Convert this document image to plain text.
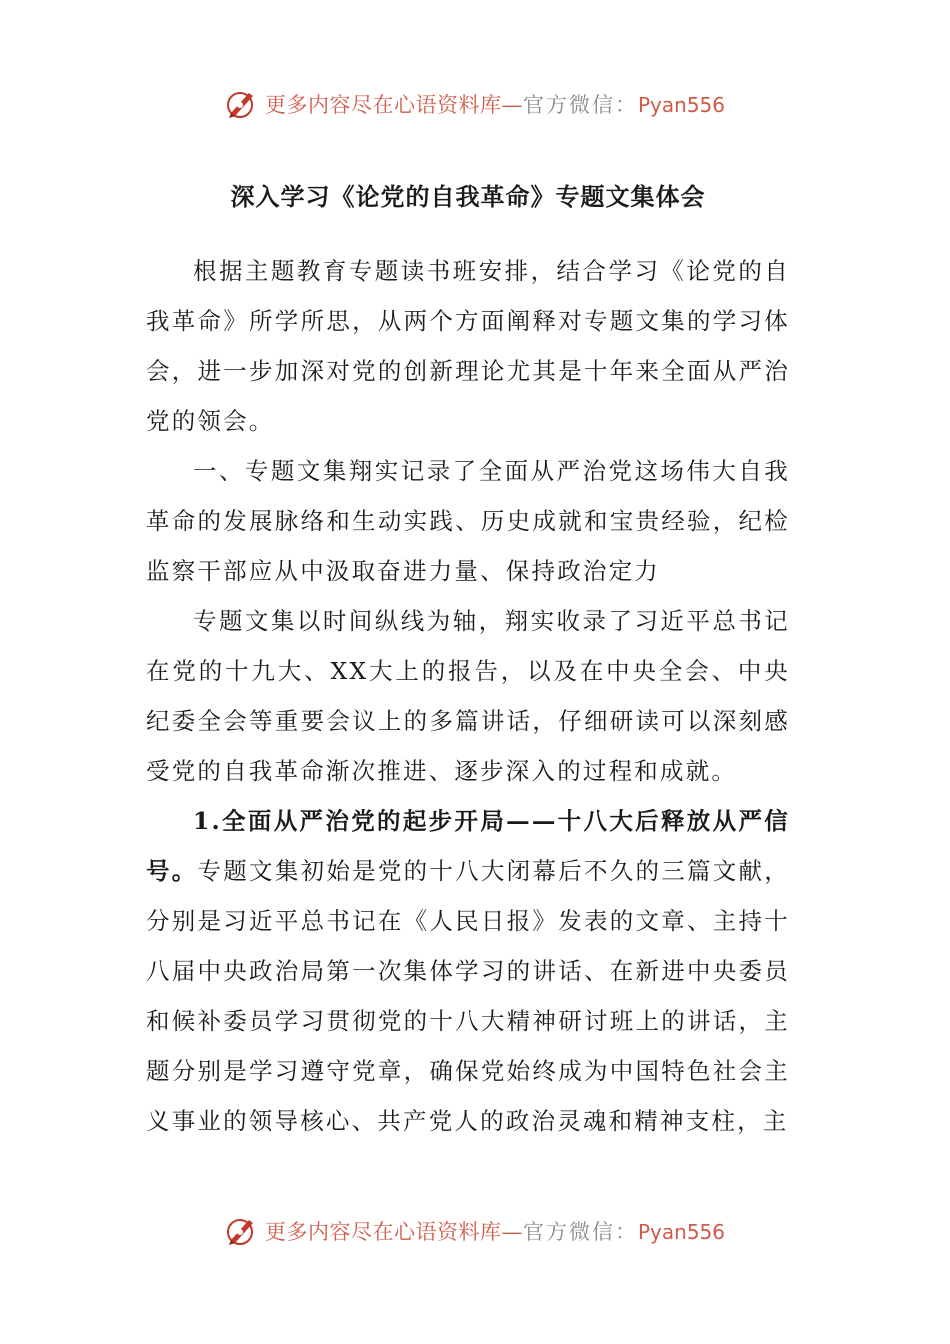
更多内容尽在心语资料库—官方微信：Pyan556
深入学习《论党的自我革命》专题文集体会

根据主题教育专题读书班安排，结合学习《论党的自我革命》所学所思，从两个方面阐释对专题文集的学习体会，进一步加深对党的创新理论尤其是十年来全面从严治党的领会。

一、专题文集翔实记录了全面从严治党这场伟大自我革命的发展脉络和生动实践、历史成就和宝贵经验，纪检监察干部应从中汲取奋进力量、保持政治定力

专题文集以时间纵线为轴，翔实收录了习近平总书记在党的十九大、XX大上的报告，以及在中央全会、中央纪委全会等重要会议上的多篇讲话，仔细研读可以深刻感受党的自我革命渐次推进、逐步深入的过程和成就。

1.全面从严治党的起步开局——十八大后释放从严信号。专题文集初始是党的十八大闭幕后不久的三篇文献，分别是习近平总书记在《人民日报》发表的文章、主持十八届中央政治局第一次集体学习的讲话、在新进中央委员和候补委员学习贯彻党的十八大精神研讨班上的讲话，主题分别是学习遵守党章，确保党始终成为中国特色社会主义事业的领导核心、共产党人的政治灵魂和精神支柱，主

更多内容尽在心语资料库—官方微信：Pyan556
